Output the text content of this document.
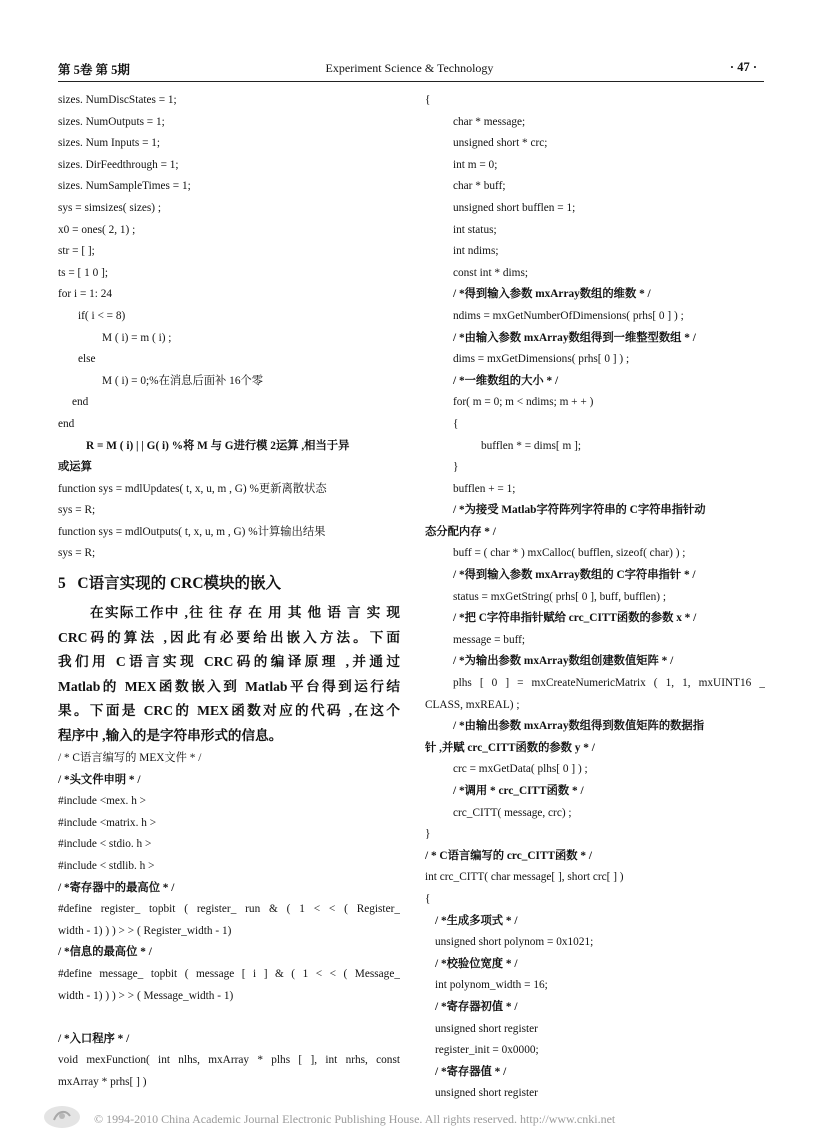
第 5卷 第 5期	Experiment Science & Technology	· 47 ·
sizes. NumDiscStates = 1;
sizes. NumOutputs = 1;
sizes. Num Inputs = 1;
sizes. DirFeedthrough = 1;
sizes. NumSampleTimes = 1;
sys = simsizes( sizes) ;
x0 = ones( 2, 1) ;
str = [ ];
ts = [ 1 0 ];
for i = 1: 24
if( i < = 8)
M ( i) = m ( i) ;
else
M ( i) = 0;%在消息后面补 16个零
end
end
R = M ( i) | | G( i) %将 M 与 G进行模 2运算 ,相当于异
或运算
function sys = mdlUpdates( t, x, u, m , G) %更新离散状态
sys = R;
function sys = mdlOutputs( t, x, u, m , G) %计算输出结果
sys = R;
5 C语言实现的 CRC模块的嵌入
在实际工作中 ,往 往 存 在 用 其 他 语 言 实 现
CRC码的算法 ,因此有必要给出嵌入方法。下面
我们用 C语言实现 CRC码的编译原理 ,并通过
Matlab的 MEX函数嵌入到 Matlab平台得到运行结
果。下面是 CRC的 MEX函数对应的代码 ,在这个
程序中 ,输入的是字符串形式的信息。
/ * C语言编写的 MEX文件 * /
/ *头文件申明 * /
#include <mex. h >
#include <matrix. h >
#include < stdio. h >
#include < stdlib. h >
/ *寄存器中的最高位 * /
#define register_ topbit ( register_ run & ( 1 < < ( Register_
width - 1) ) ) > > ( Register_width - 1)
/ *信息的最高位 * /
#define message_ topbit ( message [ i ] & ( 1 < < ( Message_
width - 1) ) ) > > ( Message_width - 1)
/ *入口程序 * /
void mexFunction( int nlhs, mxArray * plhs [ ], int nrhs, const
mxArray * prhs[ ] )
{
char * message;
unsigned short * crc;
int m = 0;
char * buff;
unsigned short bufflen = 1;
int status;
int ndims;
const int * dims;
/ *得到输入参数 mxArray数组的维数 * /
ndims = mxGetNumberOfDimensions( prhs[ 0 ] ) ;
/ *由输入参数 mxArray数组得到一维整型数组 * /
dims = mxGetDimensions( prhs[ 0 ] ) ;
/ *一维数组的大小 * /
for( m = 0; m < ndims; m + + )
{
bufflen * = dims[ m ];
}
bufflen + = 1;
/ *为接受 Matlab字符阵列字符串的 C字符串指针动
态分配内存 * /
buff = ( char * ) mxCalloc( bufflen, sizeof( char) ) ;
/ *得到输入参数 mxArray数组的 C字符串指针 * /
status = mxGetString( prhs[ 0 ], buff, bufflen) ;
/ *把 C字符串指针赋给 crc_CITT函数的参数 x * /
message = buff;
/ *为输出参数 mxArray数组创建数值矩阵 * /
plhs [ 0 ] = mxCreateNumericMatrix ( 1, 1, mxUINT16 _
CLASS, mxREAL) ;
/ *由输出参数 mxArray数组得到数值矩阵的数据指
针 ,并赋 crc_CITT函数的参数 y * /
crc = mxGetData( plhs[ 0 ] ) ;
/ *调用 * crc_CITT函数 * /
crc_CITT( message, crc) ;
}
/ * C语言编写的 crc_CITT函数 * /
int crc_CITT( char message[ ], short crc[ ] )
{
/ *生成多项式 * /
unsigned short polynom = 0x1021;
/ *校验位宽度 * /
int polynom_width = 16;
/ *寄存器初值 * /
unsigned short register
register_init = 0x0000;
/ *寄存器值 * /
unsigned short register
© 1994-2010 China Academic Journal Electronic Publishing House. All rights reserved. http://www.cnki.net
